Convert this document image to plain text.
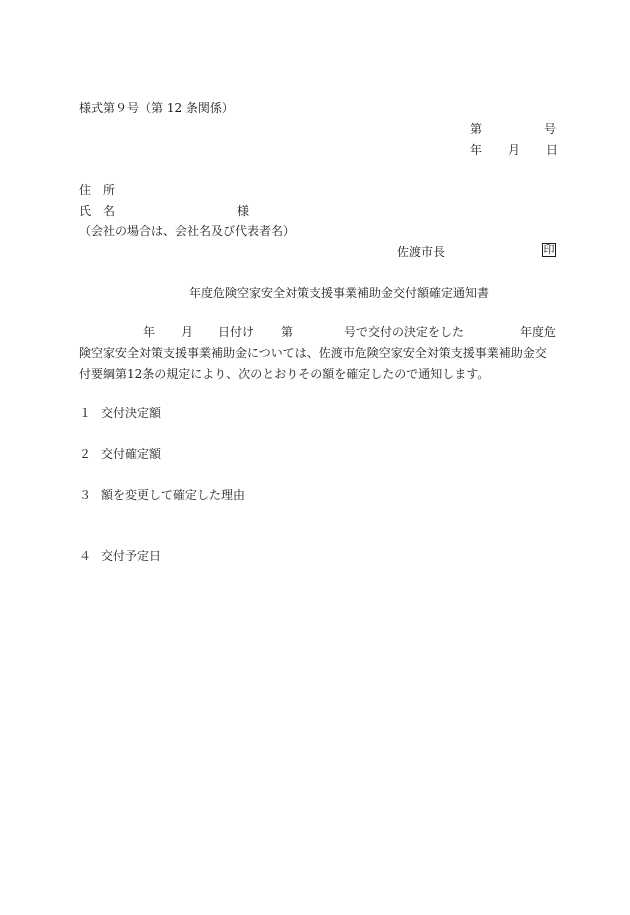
様式第９号（第 12 条関係）
第	号
年 月 日
住　所
氏　名	様
（会社の場合は、会社名及び代表者名）
佐渡市長	印
年度危険空家安全対策支援事業補助金交付額確定通知書
年 月 日付け 第	号で交付の決定をした	年度危
険空家安全対策支援事業補助金については、佐渡市危険空家安全対策支援事業補助金交
付要綱第12条の規定により、次のとおりその額を確定したので通知します。
１ 交付決定額
２ 交付確定額
３ 額を変更して確定した理由
４ 交付予定日
